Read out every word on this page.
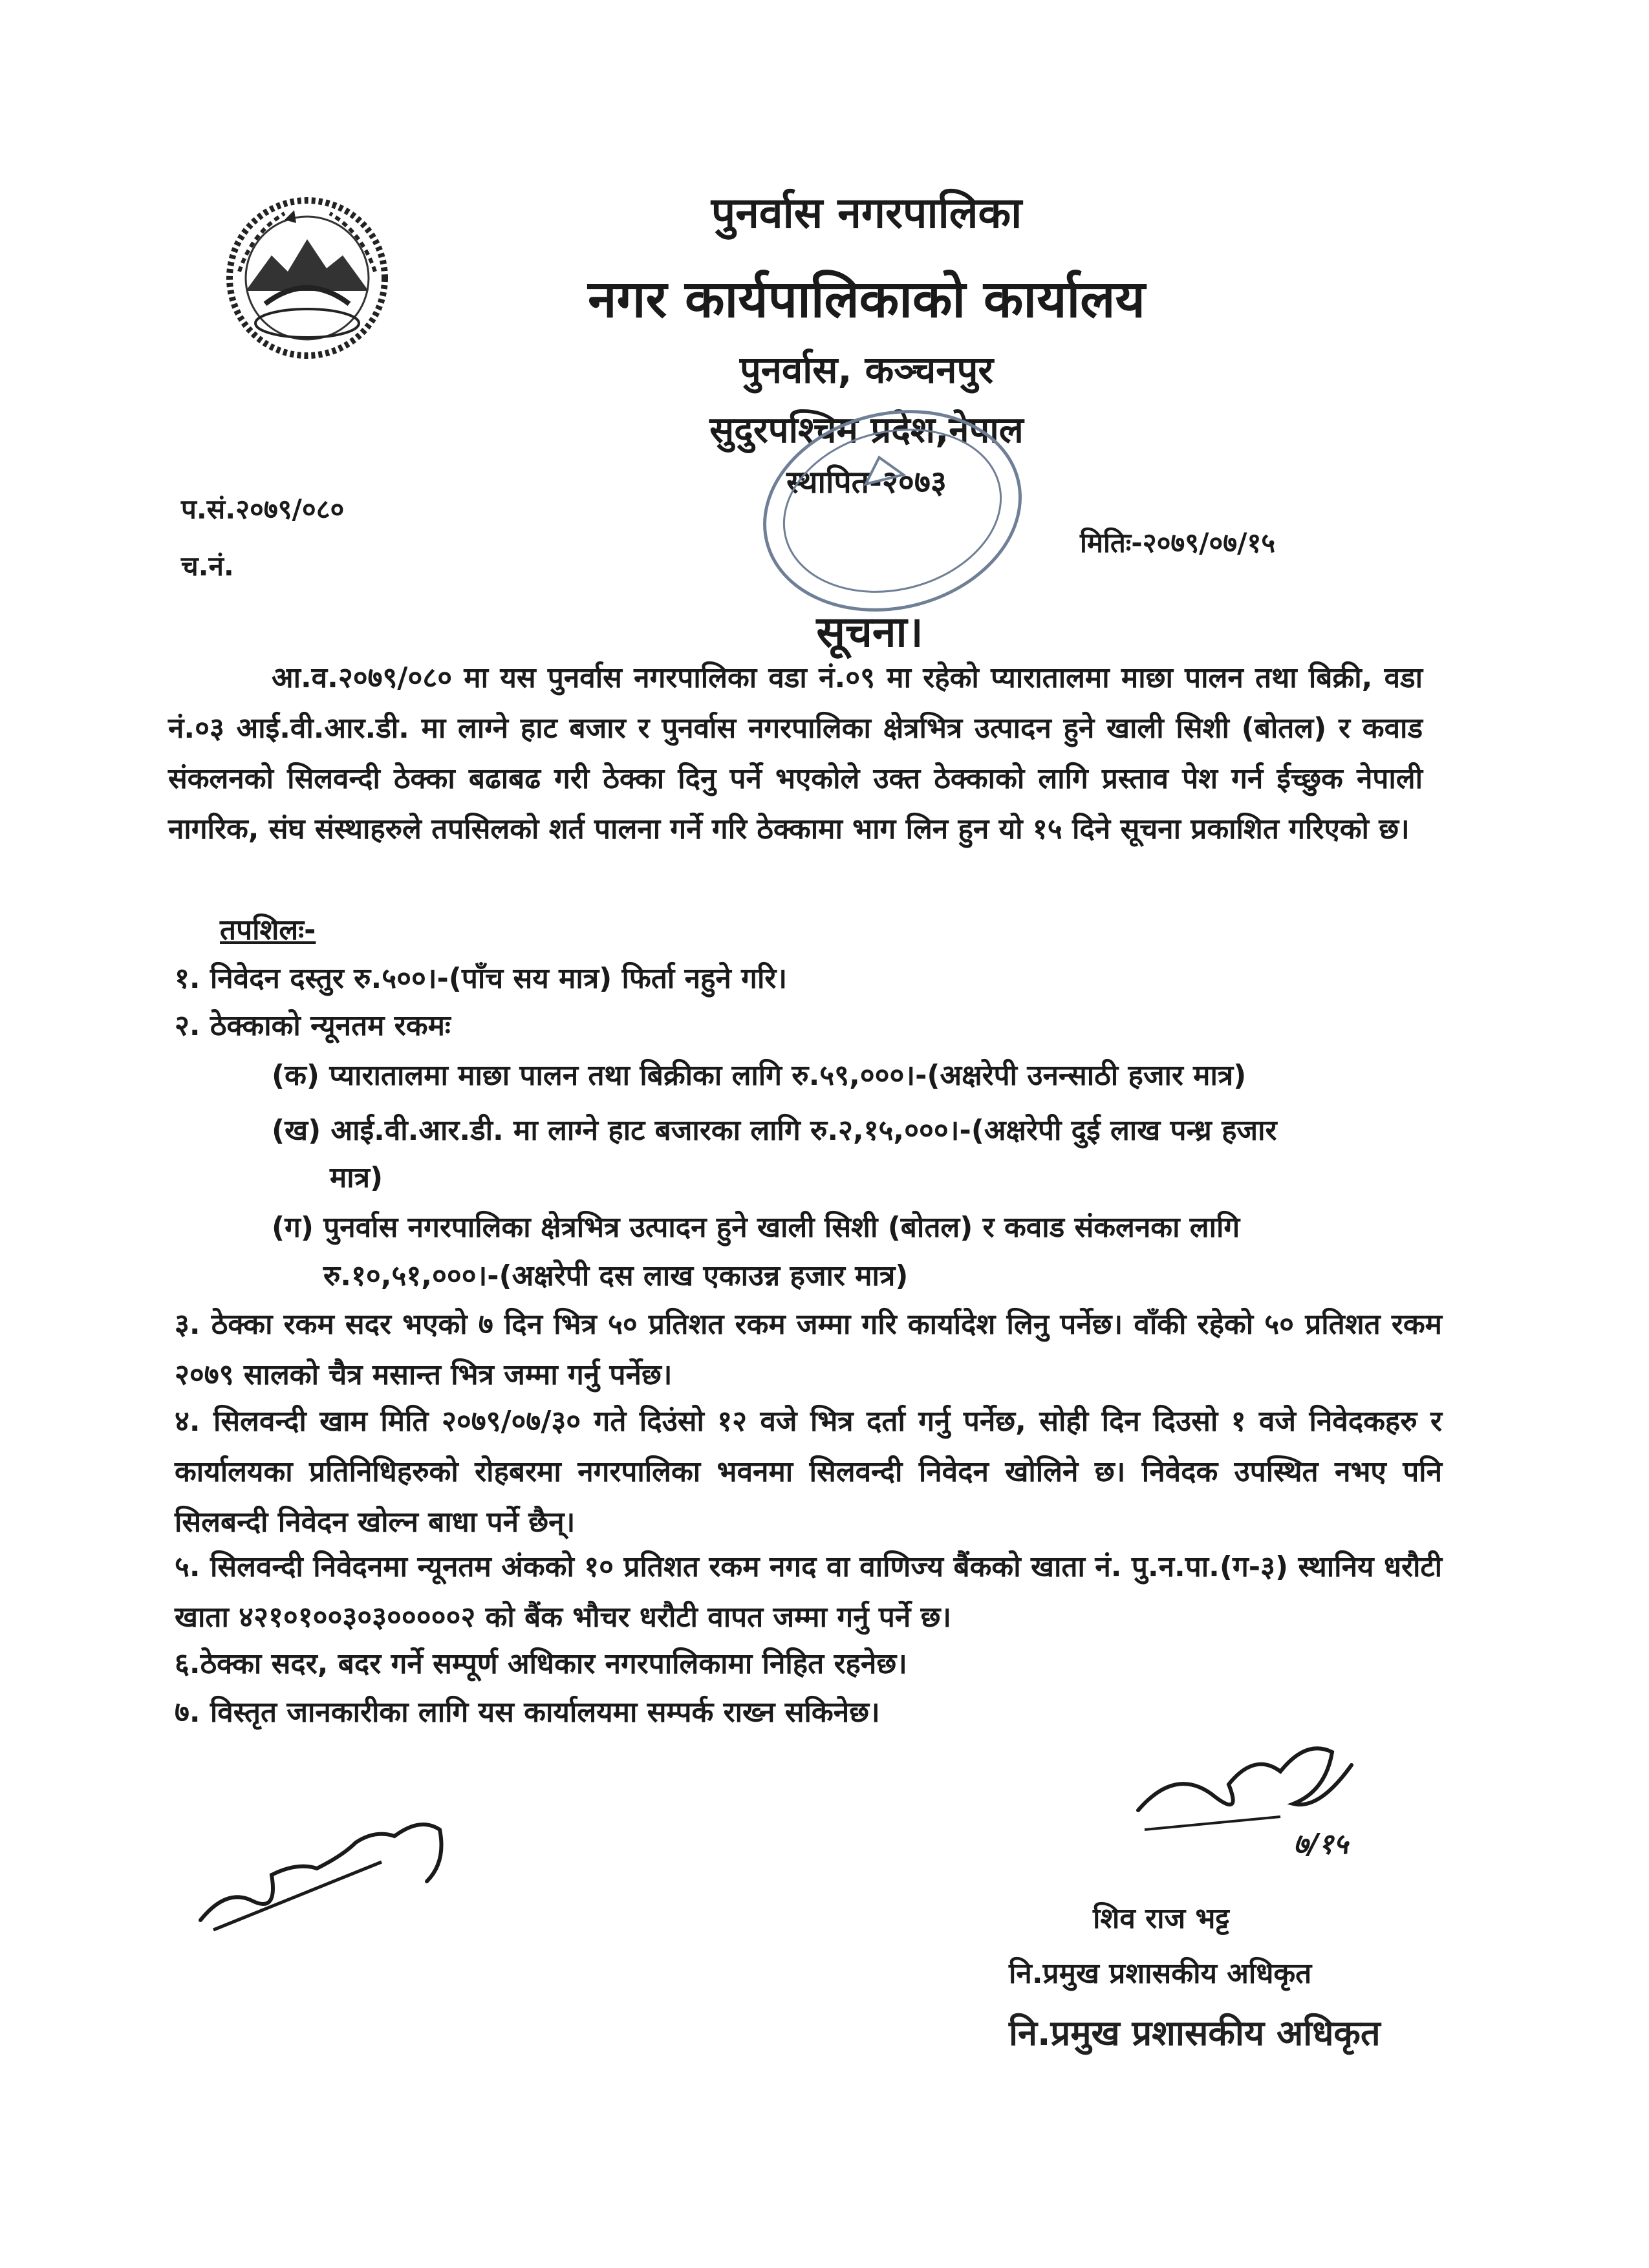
पुनर्वास नगरपालिका
नगर कार्यपालिकाको कार्यालय
पुनर्वास, कञ्चनपुर
सुदुरपश्चिम प्रदेश,नेपाल
स्थापित-२०७३
प.सं.२०७९/०८०
च.नं.
मितिः-२०७९/०७/१५
सूचना।
आ.व.२०७९/०८० मा यस पुनर्वास नगरपालिका वडा नं.०९ मा रहेको प्यारातालमा माछा पालन तथा बिक्री, वडा नं.०३ आई.वी.आर.डी. मा लाग्ने हाट बजार र पुनर्वास नगरपालिका क्षेत्रभित्र उत्पादन हुने खाली सिशी (बोतल) र कवाड संकलनको सिलवन्दी ठेक्का बढाबढ गरी ठेक्का दिनु पर्ने भएकोले उक्त ठेक्काको लागि प्रस्ताव पेश गर्न ईच्छुक नेपाली नागरिक, संघ संस्थाहरुले तपसिलको शर्त पालना गर्ने गरि ठेक्कामा भाग लिन हुन यो १५ दिने सूचना प्रकाशित गरिएको छ।
तपशिलः-
१. निवेदन दस्तुर रु.५००।-(पाँच सय मात्र) फिर्ता नहुने गरि।
२. ठेक्काको न्यूनतम रकमः
(क) प्यारातालमा माछा पालन तथा बिक्रीका लागि रु.५९,०००।-(अक्षरेपी उनन्साठी हजार मात्र)
(ख) आई.वी.आर.डी. मा लाग्ने हाट बजारका लागि रु.२,१५,०००।-(अक्षरेपी दुई लाख पन्ध्र हजार
मात्र)
(ग) पुनर्वास नगरपालिका क्षेत्रभित्र उत्पादन हुने खाली सिशी (बोतल) र कवाड संकलनका लागि
रु.१०,५१,०००।-(अक्षरेपी दस लाख एकाउन्न हजार मात्र)
३. ठेक्का रकम सदर भएको ७ दिन भित्र ५० प्रतिशत रकम जम्मा गरि कार्यादेश लिनु पर्नेछ। वाँकी रहेको ५० प्रतिशत रकम २०७९ सालको चैत्र मसान्त भित्र जम्मा गर्नु पर्नेछ।
४. सिलवन्दी खाम मिति २०७९/०७/३० गते दिउंसो १२ वजे भित्र दर्ता गर्नु पर्नेछ, सोही दिन दिउसो १ वजे निवेदकहरु र कार्यालयका प्रतिनिधिहरुको रोहबरमा नगरपालिका भवनमा सिलवन्दी निवेदन खोलिने छ। निवेदक उपस्थित नभए पनि सिलबन्दी निवेदन खोल्न बाधा पर्ने छैन्।
५. सिलवन्दी निवेदनमा न्यूनतम अंकको १० प्रतिशत रकम नगद वा वाणिज्य बैंकको खाता नं. पु.न.पा.(ग-३) स्थानिय धरौटी खाता ४२१०१००३०३०००००२ को बैंक भौचर धरौटी वापत जम्मा गर्नु पर्ने छ।
६.ठेक्का सदर, बदर गर्ने सम्पूर्ण अधिकार नगरपालिकामा निहित रहनेछ।
७. विस्तृत जानकारीका लागि यस कार्यालयमा सम्पर्क राख्न सकिनेछ।
७/१५
शिव राज भट्ट
नि.प्रमुख प्रशासकीय अधिकृत
नि.प्रमुख प्रशासकीय अधिकृत
